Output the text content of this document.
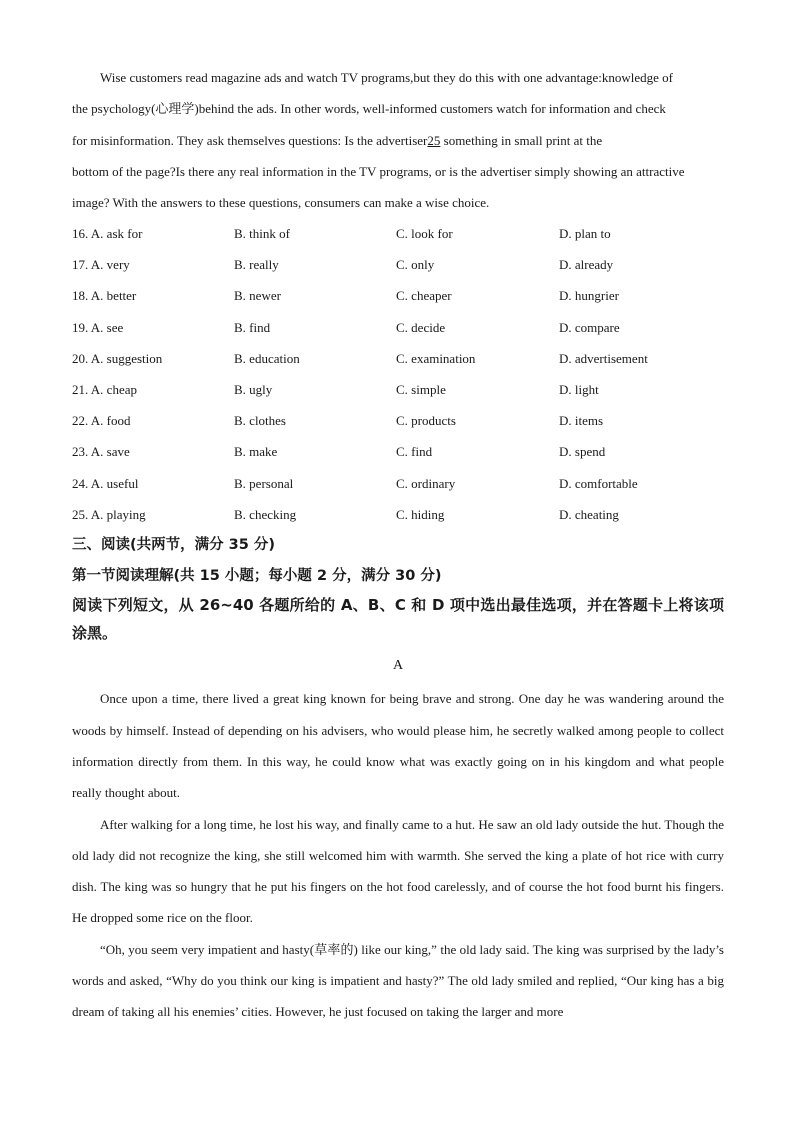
Wise customers read magazine ads and watch TV programs,but they do this with one advantage:knowledge of

the psychology(心理学)behind the ads. In other words, well-informed customers watch for information and check

for misinformation. They ask themselves questions: Is the advertiser25 something in small print at the

bottom of the page?Is there any real information in the TV programs, or is the advertiser simply showing an attractive

image? With the answers to these questions, consumers can make a wise choice.

16. A. ask for	B. think of	C. look for	D. plan to
17. A. very	B. really	C. only	D. already
18. A. better	B. newer	C. cheaper	D. hungrier
19. A. see	B. find	C. decide	D. compare
20. A. suggestion	B. education	C. examination	D. advertisement
21. A. cheap	B. ugly	C. simple	D. light
22. A. food	B. clothes	C. products	D. items
23. A. save	B. make	C. find	D. spend
24. A. useful	B. personal	C. ordinary	D. comfortable
25. A. playing	B. checking	C. hiding	D. cheating

三、阅读(共两节，满分 35 分)

第一节阅读理解(共 15 小题；每小题 2 分，满分 30 分)

阅读下列短文，从 26~40 各题所给的 A、B、C 和 D 项中选出最佳选项，并在答题卡上将该项涂黑。

A

Once upon a time, there lived a great king known for being brave and strong. One day he was wandering around the woods by himself. Instead of depending on his advisers, who would please him, he secretly walked among people to collect information directly from them. In this way, he could know what was exactly going on in his kingdom and what people really thought about.

After walking for a long time, he lost his way, and finally came to a hut. He saw an old lady outside the hut. Though the old lady did not recognize the king, she still welcomed him with warmth. She served the king a plate of hot rice with curry dish. The king was so hungry that he put his fingers on the hot food carelessly, and of course the hot food burnt his fingers. He dropped some rice on the floor.

“Oh, you seem very impatient and hasty(草率的) like our king,” the old lady said. The king was surprised by the lady’s words and asked, “Why do you think our king is impatient and hasty?” The old lady smiled and replied, “Our king has a big dream of taking all his enemies’ cities. However, he just focused on taking the larger and more
